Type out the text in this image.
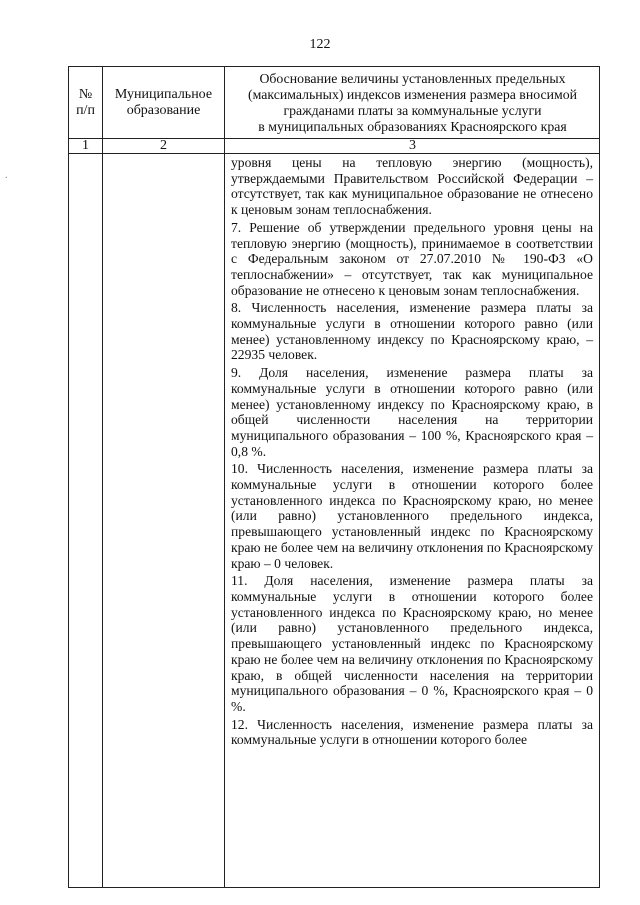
122
.
№
п/п
Муниципальное
образование
Обоснование величины установленных предельных
(максимальных) индексов изменения размера вносимой
гражданами платы за коммунальные услуги
в муниципальных образованиях Красноярского края
1	2	3

уровня цены на тепловую энергию (мощность), утверждаемыми Правительством Российской Федерации – отсутствует, так как муниципальное образование не отнесено к ценовым зонам теплоснабжения.

7. Решение об утверждении предельного уровня цены на тепловую энергию (мощность), принимаемое в соответствии с Федеральным законом от 27.07.2010 № 190-ФЗ «О теплоснабжении» – отсутствует, так как муниципальное образование не отнесено к ценовым зонам теплоснабжения.

8. Численность населения, изменение размера платы за коммунальные услуги в отношении которого равно (или менее) установленному индексу по Красноярскому краю, – 22935 человек.

9. Доля населения, изменение размера платы за коммунальные услуги в отношении которого равно (или менее) установленному индексу по Красноярскому краю, в общей численности населения на территории муниципального образования – 100 %, Красноярского края – 0,8 %.

10. Численность населения, изменение размера платы за коммунальные услуги в отношении которого более установленного индекса по Красноярскому краю, но менее (или равно) установленного предельного индекса, превышающего установленный индекс по Красноярскому краю не более чем на величину отклонения по Красноярскому краю – 0 человек.

11. Доля населения, изменение размера платы за коммунальные услуги в отношении которого более установленного индекса по Красноярскому краю, но менее (или равно) установленного предельного индекса, превышающего установленный индекс по Красноярскому краю не более чем на величину отклонения по Красноярскому краю, в общей численности населения на территории муниципального образования – 0 %, Красноярского края – 0 %.

12. Численность населения, изменение размера платы за коммунальные услуги в отношении которого более
